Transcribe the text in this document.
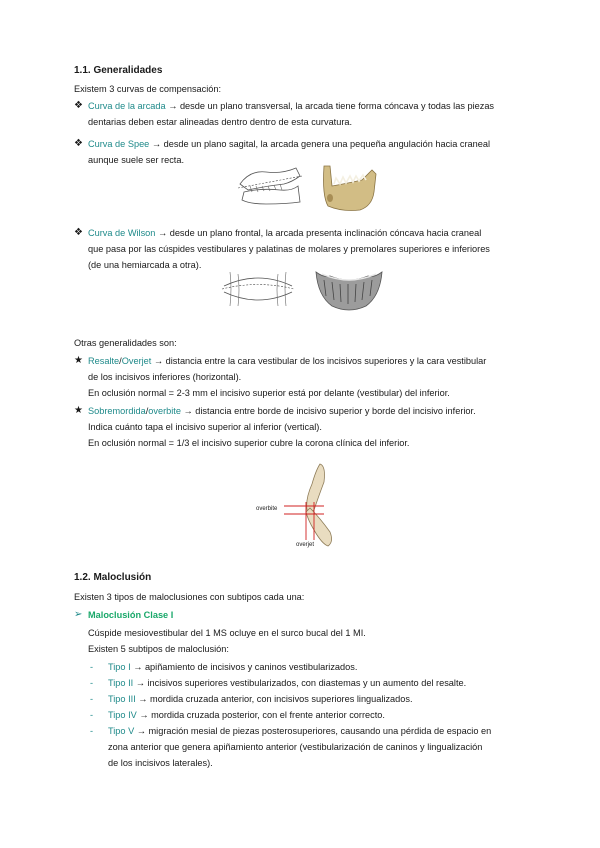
1.1. Generalidades
Existem 3 curvas de compensación:
❖ Curva de la arcada → desde un plano transversal, la arcada tiene forma cóncava y todas las piezas
dentarias deben estar alineadas dentro dentro de esta curvatura.
❖ Curva de Spee → desde un plano sagital, la arcada genera una pequeña angulación hacia craneal
aunque suele ser recta.
❖ Curva de Wilson → desde un plano frontal, la arcada presenta inclinación cóncava hacia craneal
que pasa por las cúspides vestibulares y palatinas de molares y premolares superiores e inferiores
(de una hemiarcada a otra).
Otras generalidades son:
★ Resalte/Overjet → distancia entre la cara vestibular de los incisivos superiores y la cara vestibular
de los incisivos inferiores (horizontal).
En oclusión normal = 2-3 mm el incisivo superior está por delante (vestibular) del inferior.
★ Sobremordida/overbite → distancia entre borde de incisivo superior y borde del incisivo inferior.
Indica cuánto tapa el incisivo superior al inferior (vertical).
En oclusión normal = 1/3 el incisivo superior cubre la corona clínica del inferior.
overbite
overjet
1.2. Maloclusión
Existen 3 tipos de maloclusiones con subtipos cada una:
➢ Maloclusión Clase I
Cúspide mesiovestibular del 1 MS ocluye en el surco bucal del 1 MI.
Existen 5 subtipos de maloclusión:
- Tipo I → apiñamiento de incisivos y caninos vestibularizados.
- Tipo II → incisivos superiores vestibularizados, con diastemas y un aumento del resalte.
- Tipo III → mordida cruzada anterior, con incisivos superiores lingualizados.
- Tipo IV → mordida cruzada posterior, con el frente anterior correcto.
- Tipo V → migración mesial de piezas posterosuperiores, causando una pérdida de espacio en
zona anterior que genera apiñamiento anterior (vestibularización de caninos y lingualización
de los incisivos laterales).
